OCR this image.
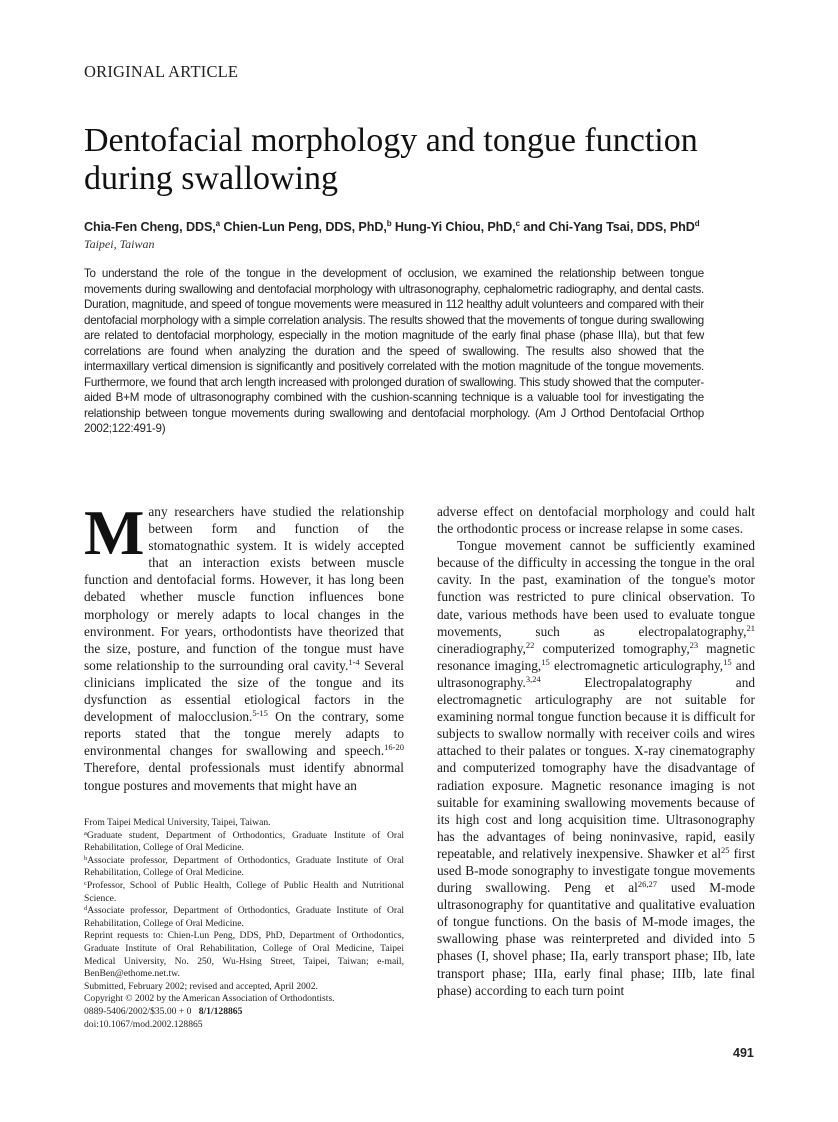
ORIGINAL ARTICLE
Dentofacial morphology and tongue function during swallowing
Chia-Fen Cheng, DDS,$^a$ Chien-Lun Peng, DDS, PhD,$^b$ Hung-Yi Chiou, PhD,$^c$ and Chi-Yang Tsai, DDS, PhD$^d$
Taipei, Taiwan

To understand the role of the tongue in the development of occlusion, we examined the relationship between tongue movements during swallowing and dentofacial morphology with ultrasonography, cephalometric radiography, and dental casts. Duration, magnitude, and speed of tongue movements were measured in 112 healthy adult volunteers and compared with their dentofacial morphology with a simple correlation analysis. The results showed that the movements of tongue during swallowing are related to dentofacial morphology, especially in the motion magnitude of the early final phase (phase IIIa), but that few correlations are found when analyzing the duration and the speed of swallowing. The results also showed that the intermaxillary vertical dimension is significantly and positively correlated with the motion magnitude of the tongue movements. Furthermore, we found that arch length increased with prolonged duration of swallowing. This study showed that the computer-aided B+M mode of ultrasonography combined with the cushion-scanning technique is a valuable tool for investigating the relationship between tongue movements during swallowing and dentofacial morphology. (Am J Orthod Dentofacial Orthop 2002;122:491-9)

Many researchers have studied the relationship between form and function of the stomatognathic system. It is widely accepted that an interaction exists between muscle function and dentofacial forms. However, it has long been debated whether muscle function influences bone morphology or merely adapts to local changes in the environment. For years, orthodontists have theorized that the size, posture, and function of the tongue must have some relationship to the surrounding oral cavity.$^{1-4}$ Several clinicians implicated the size of the tongue and its dysfunction as essential etiological factors in the development of malocclusion.$^{5-15}$ On the contrary, some reports stated that the tongue merely adapts to environmental changes for swallowing and speech.$^{16-20}$ Therefore, dental professionals must identify abnormal tongue postures and movements that might have an

From Taipei Medical University, Taipei, Taiwan.

$^a$Graduate student, Department of Orthodontics, Graduate Institute of Oral Rehabilitation, College of Oral Medicine.

$^b$Associate professor, Department of Orthodontics, Graduate Institute of Oral Rehabilitation, College of Oral Medicine.

$^c$Professor, School of Public Health, College of Public Health and Nutritional Science.

$^d$Associate professor, Department of Orthodontics, Graduate Institute of Oral Rehabilitation, College of Oral Medicine.

Reprint requests to: Chien-Lun Peng, DDS, PhD, Department of Orthodontics, Graduate Institute of Oral Rehabilitation, College of Oral Medicine, Taipei Medical University, No. 250, Wu-Hsing Street, Taipei, Taiwan; e-mail, BenBen@ethome.net.tw.

Submitted, February 2002; revised and accepted, April 2002.

Copyright © 2002 by the American Association of Orthodontists.

0889-5406/2002/$35.00 + 0 8/1/128865

doi:10.1067/mod.2002.128865

adverse effect on dentofacial morphology and could halt the orthodontic process or increase relapse in some cases.

Tongue movement cannot be sufficiently examined because of the difficulty in accessing the tongue in the oral cavity. In the past, examination of the tongue's motor function was restricted to pure clinical observation. To date, various methods have been used to evaluate tongue movements, such as electropalatography,$^{21}$ cineradiography,$^{22}$ computerized tomography,$^{23}$ magnetic resonance imaging,$^{15}$ electromagnetic articulography,$^{15}$ and ultrasonography.$^{3,24}$ Electropalatography and electromagnetic articulography are not suitable for examining normal tongue function because it is difficult for subjects to swallow normally with receiver coils and wires attached to their palates or tongues. X-ray cinematography and computerized tomography have the disadvantage of radiation exposure. Magnetic resonance imaging is not suitable for examining swallowing movements because of its high cost and long acquisition time. Ultrasonography has the advantages of being noninvasive, rapid, easily repeatable, and relatively inexpensive. Shawker et $al^{25}$ first used B-mode sonography to investigate tongue movements during swallowing. Peng et al$^{26,27}$ used M-mode ultrasonography for quantitative and qualitative evaluation of tongue functions. On the basis of M-mode images, the swallowing phase was reinterpreted and divided into 5 phases (I, shovel phase; IIa, early transport phase; IIb, late transport phase; IIIa, early final phase; IIIb, late final phase) according to each turn point

491
